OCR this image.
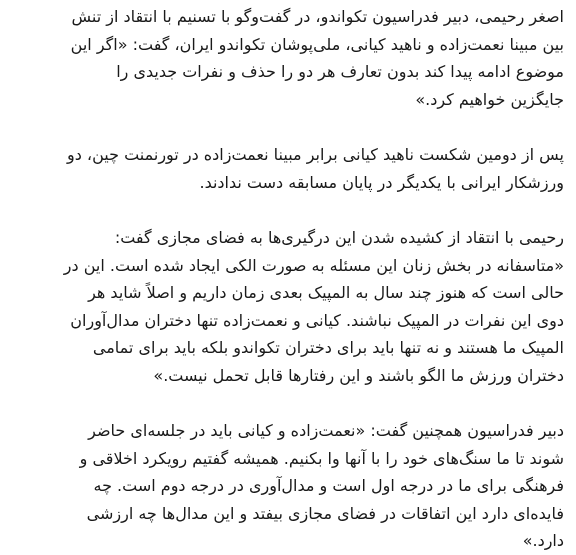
اصغر رحیمی، دبیر فدراسیون تکواندو، در گفت‌وگو با تسنیم با انتقاد از تنش
بین مبینا نعمت‌زاده و ناهید کیانی، ملی‌پوشان تکواندو ایران، گفت: «اگر این
موضوع ادامه پیدا کند بدون تعارف هر دو را حذف و نفرات جدیدی را
جایگزین خواهیم کرد.»

پس از دومین شکست ناهید کیانی برابر مبینا نعمت‌زاده در تورنمنت چین، دو
ورزشکار ایرانی با یکدیگر در پایان مسابقه دست ندادند.

رحیمی با انتقاد از کشیده شدن این درگیری‌ها به فضای مجازی گفت:
«متاسفانه در بخش زنان این مسئله به صورت الکی ایجاد شده است. این در
حالی است که هنوز چند سال به المپیک بعدی زمان داریم و اصلاً شاید هر
دوی این نفرات در المپیک نباشند. کیانی و نعمت‌زاده تنها دختران مدال‌آوران
المپیک ما هستند و نه تنها باید برای دختران تکواندو بلکه باید برای تمامی
دختران ورزش ما الگو باشند و این رفتارها قابل تحمل نیست.»

دبیر فدراسیون همچنین گفت: «نعمت‌زاده و کیانی باید در جلسه‌ای حاضر
شوند تا ما سنگ‌های خود را با آنها وا بکنیم. همیشه گفتیم رویکرد اخلاقی و
فرهنگی برای ما در درجه اول است و مدال‌آوری در درجه دوم است. چه
فایده‌ای دارد این اتفاقات در فضای مجازی بیفتد و این مدال‌ها چه ارزشی
دارد.»
